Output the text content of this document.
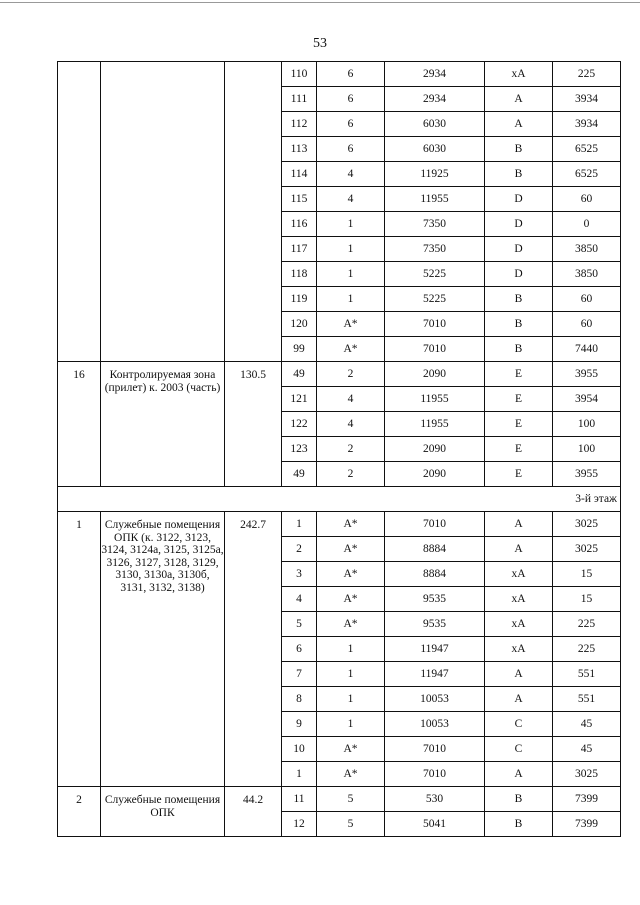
53
			110	6	2934	хА	225
			111	6	2934	А	3934
			112	6	6030	А	3934
			113	6	6030	В	6525
			114	4	11925	В	6525
			115	4	11955	D	60
			116	1	7350	D	0
			117	1	7350	D	3850
			118	1	5225	D	3850
			119	1	5225	В	60
			120	А*	7010	В	60
			99	А*	7010	В	7440
16	Контролируемая зона (прилет) к. 2003 (часть)	130.5	49	2	2090	Е	3955
			121	4	11955	Е	3954
			122	4	11955	Е	100
			123	2	2090	Е	100
			49	2	2090	Е	3955
3-й этаж							
1	Служебные помещения ОПК (к. 3122, 3123, 3124, 3124а, 3125, 3125а, 3126, 3127, 3128, 3129, 3130, 3130а, 3130б, 3131, 3132, 3138)	242.7	1	А*	7010	А	3025
			2	А*	8884	А	3025
			3	А*	8884	хА	15
			4	А*	9535	хА	15
			5	А*	9535	хА	225
			6	1	11947	хА	225
			7	1	11947	А	551
			8	1	10053	А	551
			9	1	10053	С	45
			10	А*	7010	С	45
			1	А*	7010	А	3025
2	Служебные помещения ОПК	44.2	11	5	530	В	7399
			12	5	5041	В	7399
